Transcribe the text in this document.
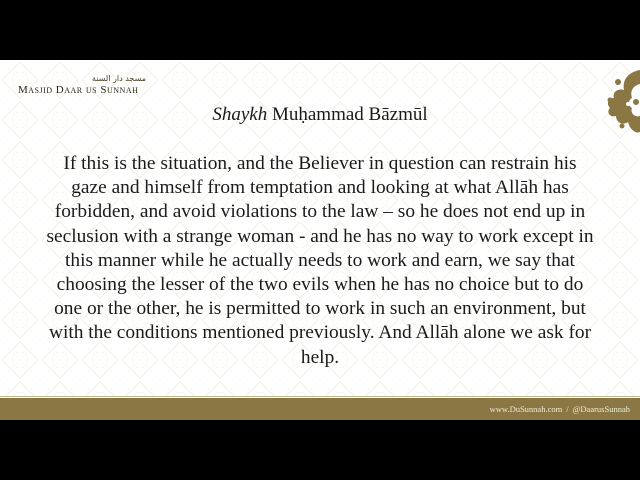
مسجد دار السنة
Masjid Daar us Sunnah
Shaykh Muḥammad Bāzmūl
If this is the situation, and the Believer in question can restrain his gaze and himself from temptation and looking at what Allāh has forbidden, and avoid violations to the law – so he does not end up in seclusion with a strange woman - and he has no way to work except in this manner while he actually needs to work and earn, we say that choosing the lesser of the two evils when he has no choice but to do one or the other, he is permitted to work in such an environment, but with the conditions mentioned previously. And Allāh alone we ask for help.
www.DuSunnah.com / @DaarusSunnah
